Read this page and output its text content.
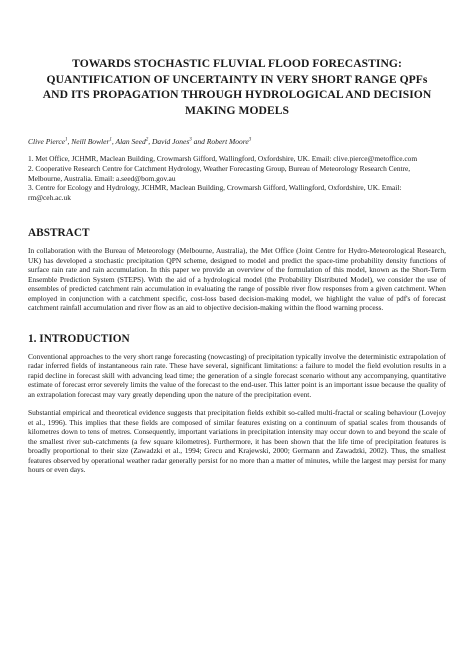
TOWARDS STOCHASTIC FLUVIAL FLOOD FORECASTING: QUANTIFICATION OF UNCERTAINTY IN VERY SHORT RANGE QPFs AND ITS PROPAGATION THROUGH HYDROLOGICAL AND DECISION MAKING MODELS
Clive Pierce$^1$, Neill Bowler$^1$, Alan Seed$^2$, David Jones$^3$ and Robert Moore$^3$

1. Met Office, JCHMR, Maclean Building, Crowmarsh Gifford, Wallingford, Oxfordshire, UK. Email: clive.pierce@metoffice.com

2. Cooperative Research Centre for Catchment Hydrology, Weather Forecasting Group, Bureau of Meteorology Research Centre, Melbourne, Australia. Email: a.seed@bom.gov.au

3. Centre for Ecology and Hydrology, JCHMR, Maclean Building, Crowmarsh Gifford, Wallingford, Oxfordshire, UK. Email: rm@ceh.ac.uk

ABSTRACT

In collaboration with the Bureau of Meteorology (Melbourne, Australia), the Met Office (Joint Centre for Hydro-Meteorological Research, UK) has developed a stochastic precipitation QPN scheme, designed to model and predict the space-time probability density functions of surface rain rate and rain accumulation. In this paper we provide an overview of the formulation of this model, known as the Short-Term Ensemble Prediction System (STEPS). With the aid of a hydrological model (the Probability Distributed Model), we consider the use of ensembles of predicted catchment rain accumulation in evaluating the range of possible river flow responses from a given catchment. When employed in conjunction with a catchment specific, cost-loss based decision-making model, we highlight the value of pdf's of forecast catchment rainfall accumulation and river flow as an aid to objective decision-making within the flood warning process.

1. INTRODUCTION

Conventional approaches to the very short range forecasting (nowcasting) of precipitation typically involve the deterministic extrapolation of radar inferred fields of instantaneous rain rate. These have several, significant limitations: a failure to model the field evolution results in a rapid decline in forecast skill with advancing lead time; the generation of a single forecast scenario without any accompanying, quantitative estimate of forecast error severely limits the value of the forecast to the end-user. This latter point is an important issue because the quality of an extrapolation forecast may vary greatly depending upon the nature of the precipitation event.

Substantial empirical and theoretical evidence suggests that precipitation fields exhibit so-called multi-fractal or scaling behaviour (Lovejoy et al., 1996). This implies that these fields are composed of similar features existing on a continuum of spatial scales from thousands of kilometres down to tens of metres. Consequently, important variations in precipitation intensity may occur down to and beyond the scale of the smallest river sub-catchments (a few square kilometres). Furthermore, it has been shown that the life time of precipitation features is broadly proportional to their size (Zawadzki et al., 1994; Grecu and Krajewski, 2000; Germann and Zawadzki, 2002). Thus, the smallest features observed by operational weather radar generally persist for no more than a matter of minutes, while the largest may persist for many hours or even days.
